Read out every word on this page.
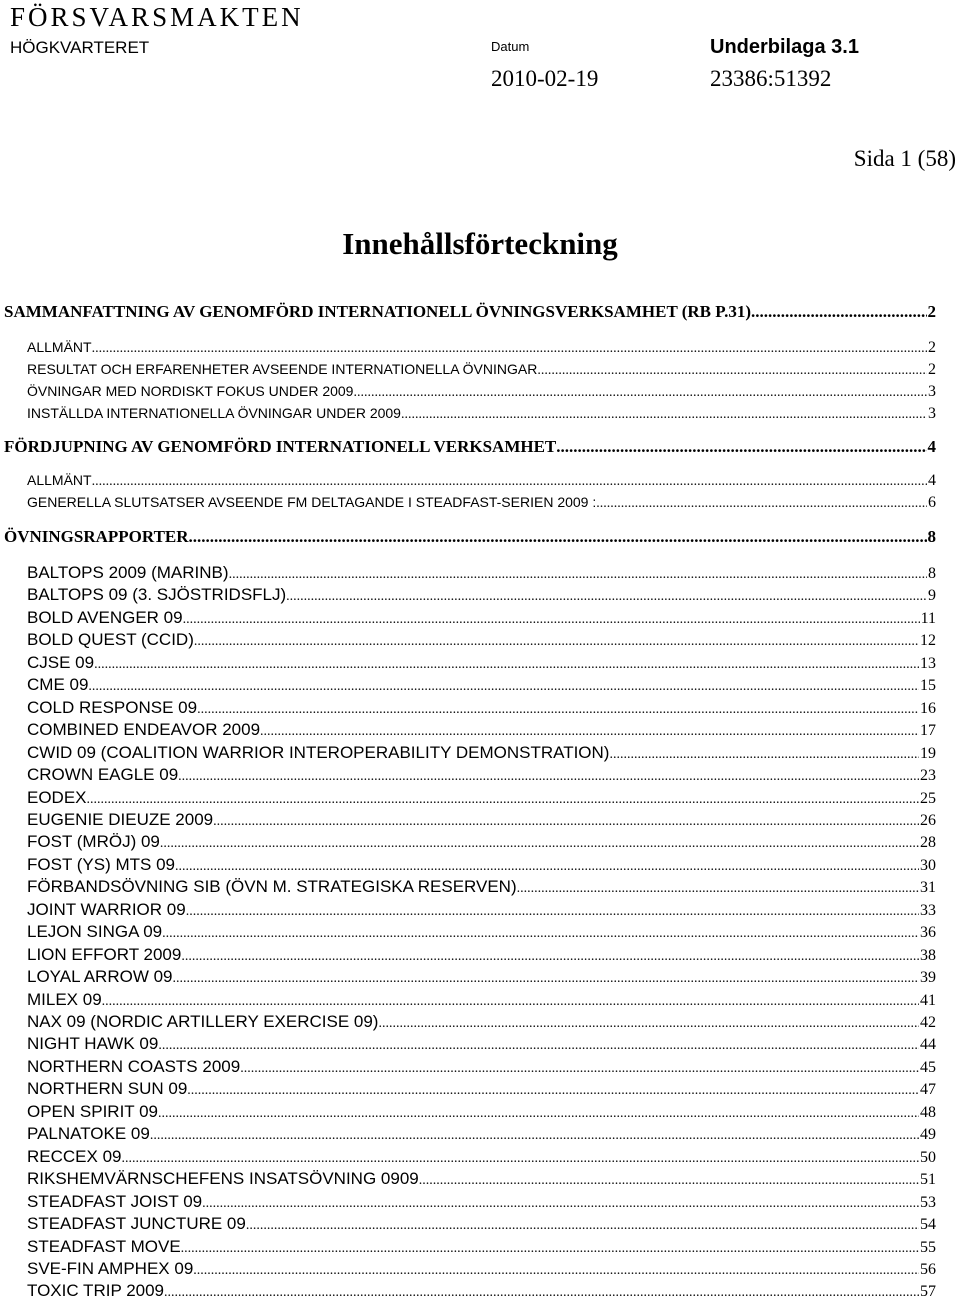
FÖRSVARSMAKTEN
HÖGKVARTERET	Datum	Underbilaga 3.1
2010-02-19	23386:51392
Sida 1 (58)
Innehållsförteckning
SAMMANFATTNING AV GENOMFÖRD INTERNATIONELL ÖVNINGSVERKSAMHET (RB P.31) .....	2
ALLMÄNT .....	2
RESULTAT OCH ERFARENHETER AVSEENDE INTERNATIONELLA ÖVNINGAR .....	2
ÖVNINGAR MED NORDISKT FOKUS UNDER 2009 .....	3
INSTÄLLDA INTERNATIONELLA ÖVNINGAR UNDER 2009 .....	3
FÖRDJUPNING AV GENOMFÖRD INTERNATIONELL VERKSAMHET .....	4
ALLMÄNT .....	4
GENERELLA SLUTSATSER AVSEENDE FM DELTAGANDE I STEADFAST-SERIEN 2009 : .....	6
ÖVNINGSRAPPORTER .....	8
BALTOPS 2009 (MARINB) .....	8
BALTOPS 09 (3. SJÖSTRIDSFLJ) .....	9
BOLD AVENGER 09 .....	11
BOLD QUEST (CCID) .....	12
CJSE 09 .....	13
CME 09 .....	15
COLD RESPONSE 09 .....	16
COMBINED ENDEAVOR 2009 .....	17
CWID 09 (COALITION WARRIOR INTEROPERABILITY DEMONSTRATION) .....	19
CROWN EAGLE 09 .....	23
EODEX .....	25
EUGENIE DIEUZE 2009 .....	26
FOST (MRÖJ) 09 .....	28
FOST (YS) MTS 09 .....	30
FÖRBANDSÖVNING SIB (ÖVN M. STRATEGISKA RESERVEN) .....	31
JOINT WARRIOR 09 .....	33
LEJON SINGA 09 .....	36
LION EFFORT 2009 .....	38
LOYAL ARROW 09 .....	39
MILEX 09 .....	41
NAX 09 (NORDIC ARTILLERY EXERCISE 09) .....	42
NIGHT HAWK 09 .....	44
NORTHERN COASTS 2009 .....	45
NORTHERN SUN 09 .....	47
OPEN SPIRIT 09 .....	48
PALNATOKE 09 .....	49
RECCEX 09 .....	50
RIKSHEMVÄRNSCHEFENS INSATSÖVNING 0909 .....	51
STEADFAST JOIST 09 .....	53
STEADFAST JUNCTURE 09 .....	54
STEADFAST MOVE .....	55
SVE-FIN AMPHEX 09 .....	56
TOXIC TRIP 2009 .....	57
